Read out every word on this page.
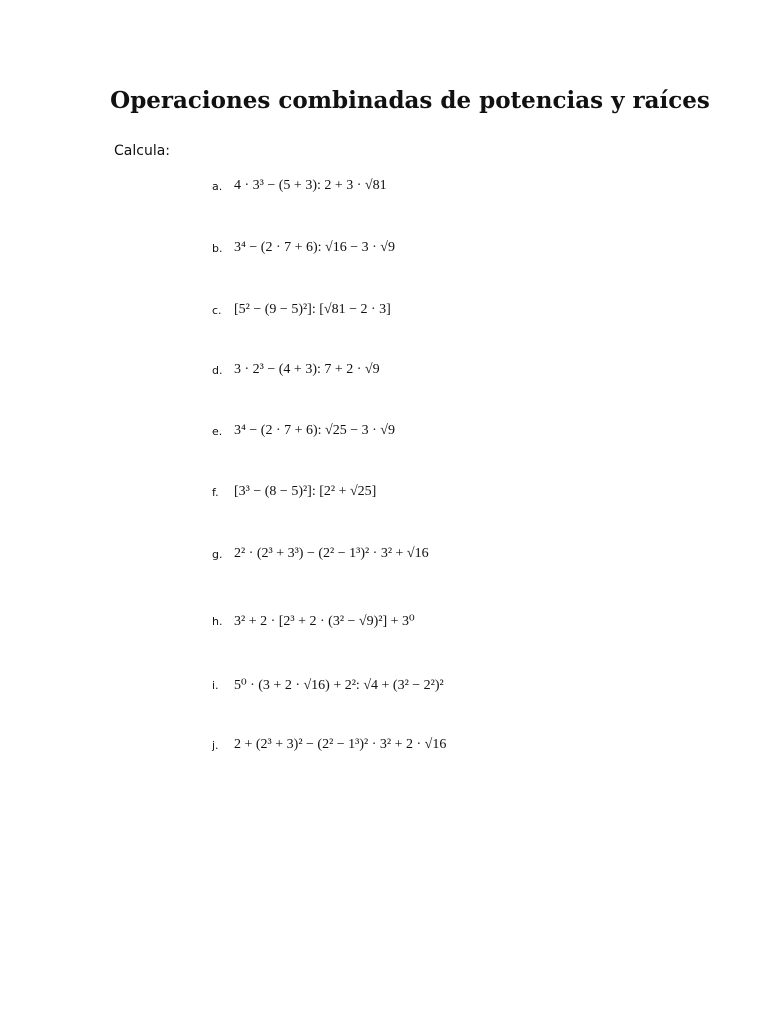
Operaciones combinadas de potencias y raíces
Calcula:
a. 4 · 3³ − (5 + 3): 2 + 3 · √81
b. 3⁴ − (2 · 7 + 6): √16 − 3 · √9
c. [5² − (9 − 5)²]: [√81 − 2 · 3]
d. 3 · 2³ − (4 + 3): 7 + 2 · √9
e. 3⁴ − (2 · 7 + 6): √25 − 3 · √9
f.	[3³ − (8 − 5)²]: [2² + √25]
g. 2² · (2³ + 3³) − (2² − 1³)² · 3² + √16
h. 3² + 2 · [2³ + 2 · (3² − √9)²] + 3⁰
i.	5⁰ · (3 + 2 · √16) + 2²: √4 + (3² − 2²)²
j.	2 + (2³ + 3)² − (2² − 1³)² · 3² + 2 · √16
